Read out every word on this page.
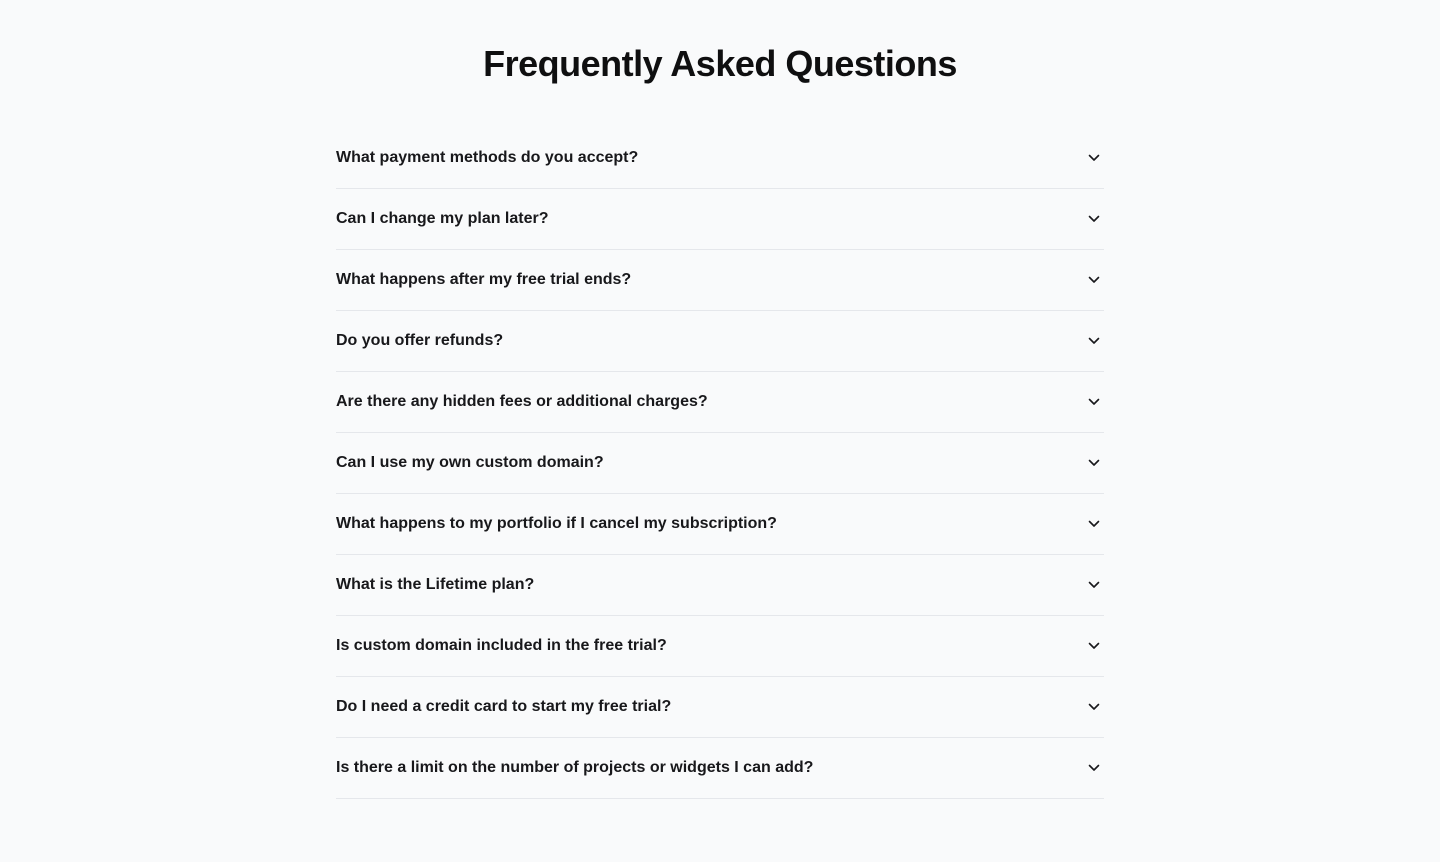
Frequently Asked Questions
What payment methods do you accept?
Can I change my plan later?
What happens after my free trial ends?
Do you offer refunds?
Are there any hidden fees or additional charges?
Can I use my own custom domain?
What happens to my portfolio if I cancel my subscription?
What is the Lifetime plan?
Is custom domain included in the free trial?
Do I need a credit card to start my free trial?
Is there a limit on the number of projects or widgets I can add?
